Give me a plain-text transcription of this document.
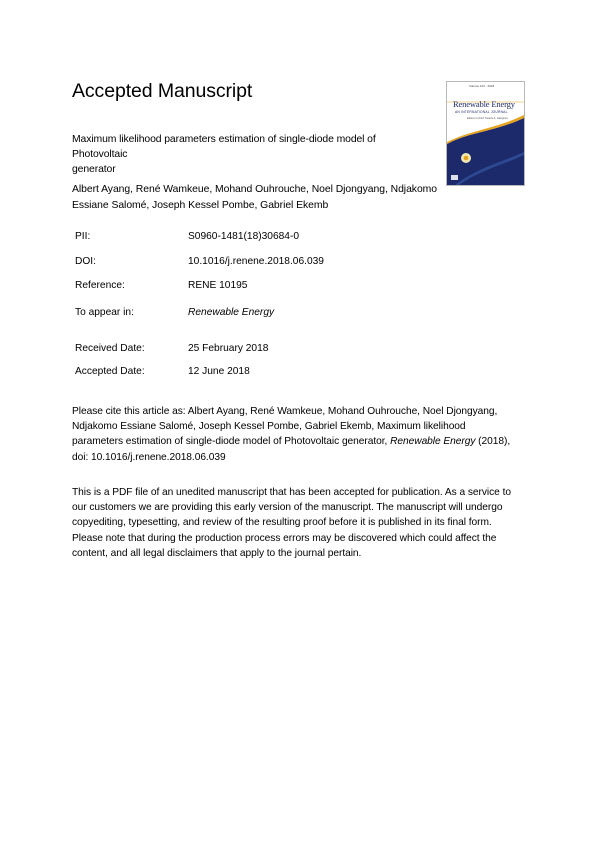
Accepted Manuscript
Maximum likelihood parameters estimation of single-diode model of Photovoltaic
generator
Albert Ayang, René Wamkeue, Mohand Ouhrouche, Noel Djongyang, Ndjakomo
Essiane Salomé, Joseph Kessel Pombe, Gabriel Ekemb
Volume 123 · 2018
Renewable Energy
AN INTERNATIONAL JOURNAL
Editor-in-Chief: Soteris A. Kalogirou
PII:	S0960-1481(18)30684-0
DOI:	10.1016/j.renene.2018.06.039
Reference:	RENE 10195
To appear in:	Renewable Energy
Received Date:	25 February 2018
Accepted Date:	12 June 2018
Please cite this article as: Albert Ayang, René Wamkeue, Mohand Ouhrouche, Noel Djongyang,
Ndjakomo Essiane Salomé, Joseph Kessel Pombe, Gabriel Ekemb, Maximum likelihood
parameters estimation of single-diode model of Photovoltaic generator, Renewable Energy (2018),
doi: 10.1016/j.renene.2018.06.039
This is a PDF file of an unedited manuscript that has been accepted for publication. As a service to
our customers we are providing this early version of the manuscript. The manuscript will undergo
copyediting, typesetting, and review of the resulting proof before it is published in its final form.
Please note that during the production process errors may be discovered which could affect the
content, and all legal disclaimers that apply to the journal pertain.
